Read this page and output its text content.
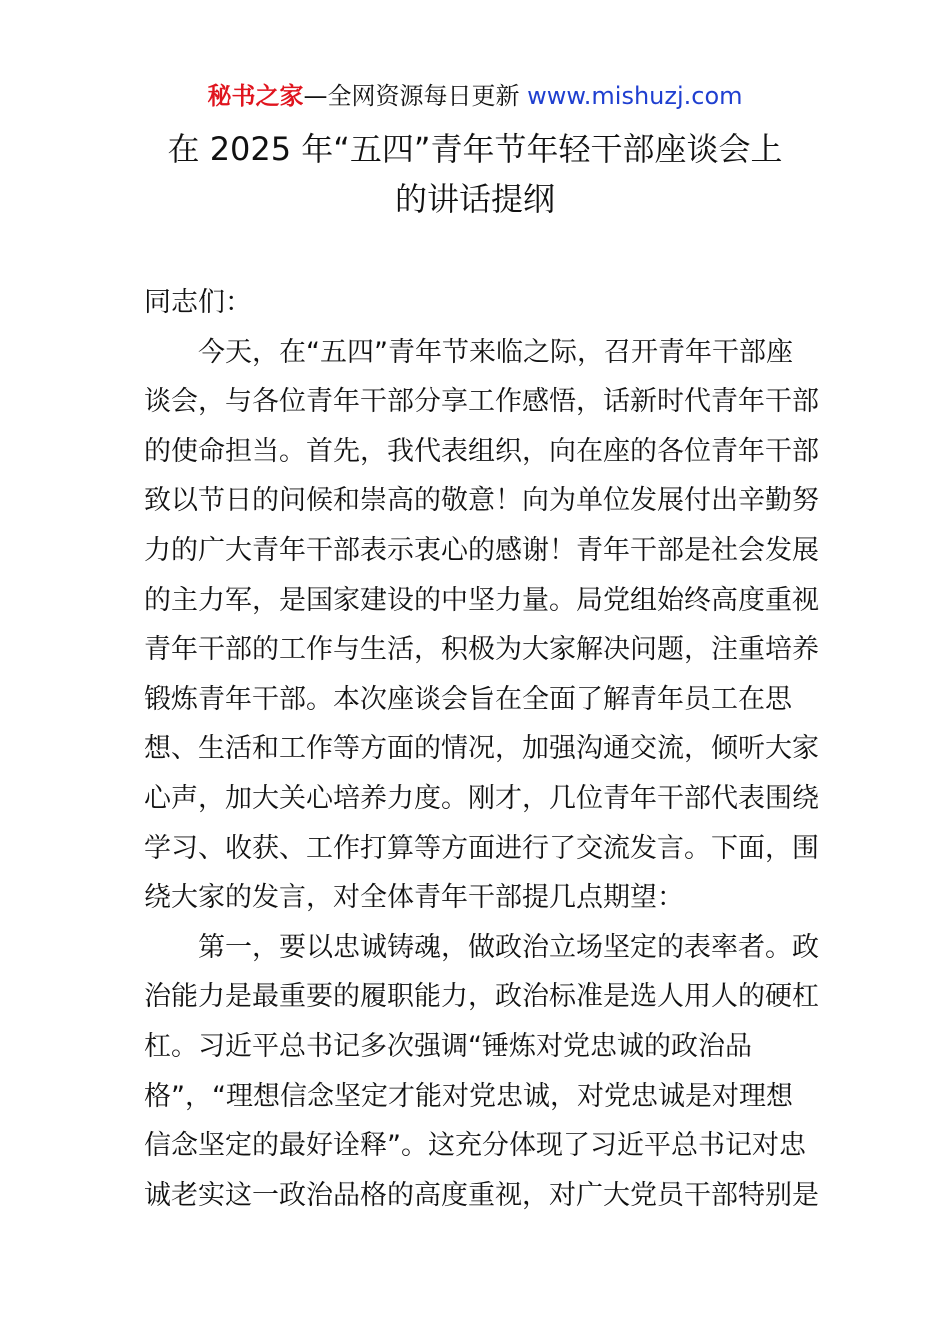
秘书之家—全网资源每日更新 www.mishuzj.com
在 2025 年“五四”青年节年轻干部座谈会上
的讲话提纲
同志们：
　　今天，在“五四”青年节来临之际，召开青年干部座
谈会，与各位青年干部分享工作感悟，话新时代青年干部
的使命担当。首先，我代表组织，向在座的各位青年干部
致以节日的问候和崇高的敬意！向为单位发展付出辛勤努
力的广大青年干部表示衷心的感谢！青年干部是社会发展
的主力军，是国家建设的中坚力量。局党组始终高度重视
青年干部的工作与生活，积极为大家解决问题，注重培养
锻炼青年干部。本次座谈会旨在全面了解青年员工在思
想、生活和工作等方面的情况，加强沟通交流，倾听大家
心声，加大关心培养力度。刚才，几位青年干部代表围绕
学习、收获、工作打算等方面进行了交流发言。下面，围
绕大家的发言，对全体青年干部提几点期望：
　　第一，要以忠诚铸魂，做政治立场坚定的表率者。政
治能力是最重要的履职能力，政治标准是选人用人的硬杠
杠。习近平总书记多次强调“锤炼对党忠诚的政治品
格”，“理想信念坚定才能对党忠诚，对党忠诚是对理想
信念坚定的最好诠释”。这充分体现了习近平总书记对忠
诚老实这一政治品格的高度重视，对广大党员干部特别是
